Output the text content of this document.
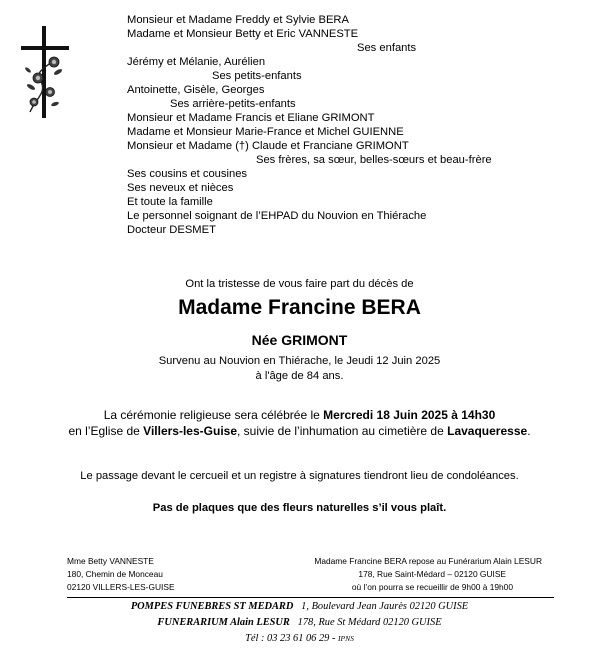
Monsieur et Madame Freddy et Sylvie BERA
Madame et Monsieur Betty et Eric VANNESTE
Ses enfants
Jérémy et Mélanie, Aurélien
Ses petits-enfants
Antoinette, Gisèle, Georges
Ses arrière-petits-enfants
Monsieur et Madame Francis et Eliane GRIMONT
Madame et Monsieur Marie-France et Michel GUIENNE
Monsieur et Madame (†) Claude et Franciane GRIMONT
Ses frères, sa sœur, belles-sœurs et beau-frère
Ses cousins et cousines
Ses neveux et nièces
Et toute la famille
Le personnel soignant de l’EHPAD du Nouvion en Thiérache
Docteur DESMET
Ont la tristesse de vous faire part du décès de
Madame Francine BERA
Née GRIMONT
Survenu au Nouvion en Thiérache, le Jeudi 12 Juin 2025
à l'âge de 84 ans.
La cérémonie religieuse sera célébrée le Mercredi 18 Juin 2025 à 14h30
en l’Eglise de Villers-les-Guise, suivie de l’inhumation au cimetière de Lavaqueresse.
Le passage devant le cercueil et un registre à signatures tiendront lieu de condoléances.
Pas de plaques que des fleurs naturelles s’il vous plaît.
Mme Betty VANNESTE
180, Chemin de Monceau
02120 VILLERS-LES-GUISE
Madame Francine BERA repose au Funérarium Alain LESUR
178, Rue Saint-Médard – 02120 GUISE
où l’on pourra se recueillir de 9h00 à 19h00
POMPES FUNEBRES ST MEDARD 1, Boulevard Jean Jaurès 02120 GUISE
FUNERARIUM Alain LESUR 178, Rue St Médard 02120 GUISE
Tél : 03 23 61 06 29 - IPNS
